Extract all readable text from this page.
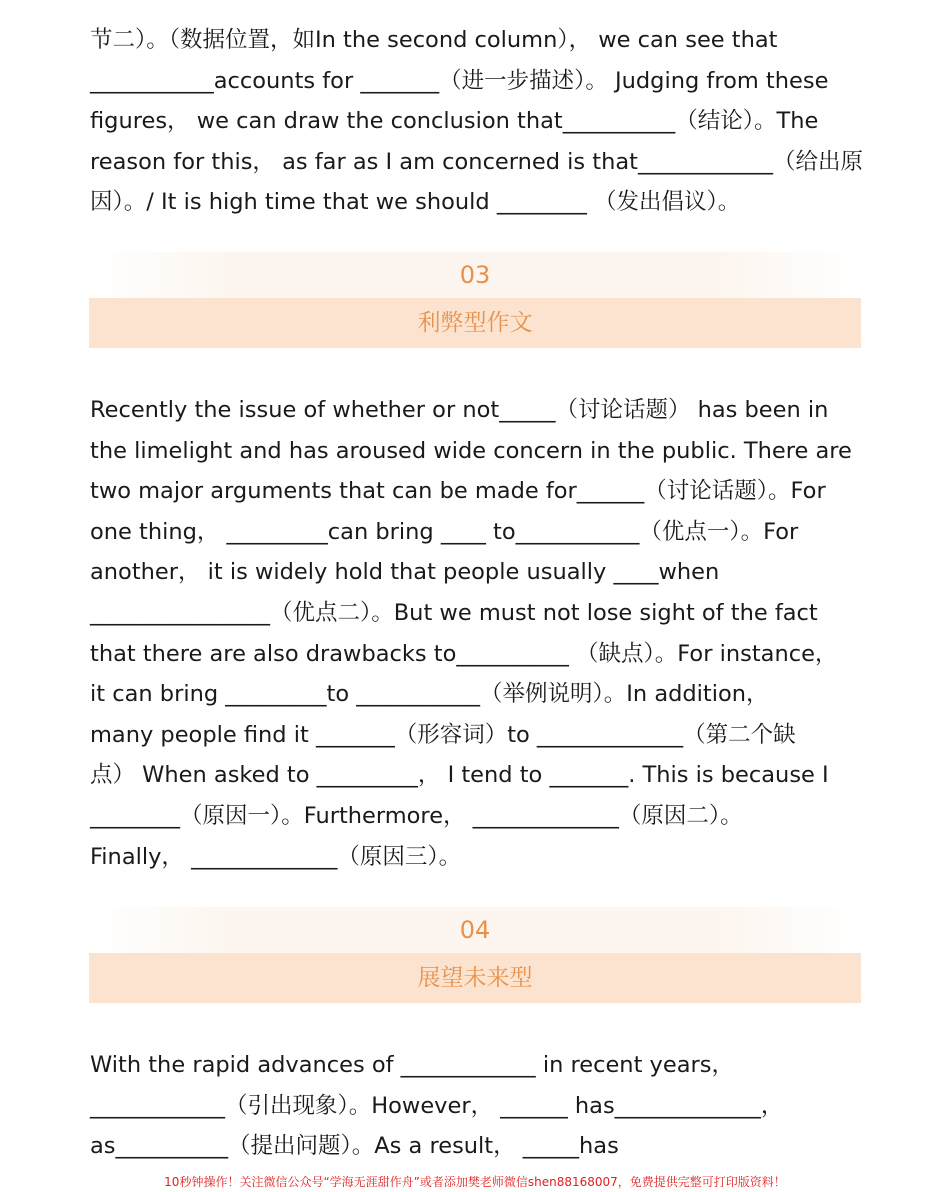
节二）。（数据位置，如In the second column）， we can see that
___________accounts for _______（进一步描述）。 Judging from these
figures， we can draw the conclusion that__________（结论）。The
reason for this， as far as I am concerned is that____________（给出原
因）。/ It is high time that we should ________ （发出倡议）。
03
利弊型作文
Recently the issue of whether or not_____（讨论话题） has been in
the limelight and has aroused wide concern in the public. There are
two major arguments that can be made for______（讨论话题）。For
one thing， _________can bring ____ to___________（优点一）。For
another， it is widely hold that people usually ____when
________________（优点二）。But we must not lose sight of the fact
that there are also drawbacks to__________ （缺点）。For instance，
it can bring _________to ___________（举例说明）。In addition，
many people find it _______（形容词）to _____________（第二个缺
点） When asked to _________， I tend to _______. This is because I
________（原因一）。Furthermore， _____________（原因二）。
Finally， _____________（原因三）。
04
展望未来型
With the rapid advances of ____________ in recent years，
____________（引出现象）。However， ______ has_____________，
as__________（提出问题）。As a result， _____has
10秒钟操作！关注微信公众号“学海无涯甜作舟”或者添加樊老师微信shen88168007，免费提供完整可打印版资料！
